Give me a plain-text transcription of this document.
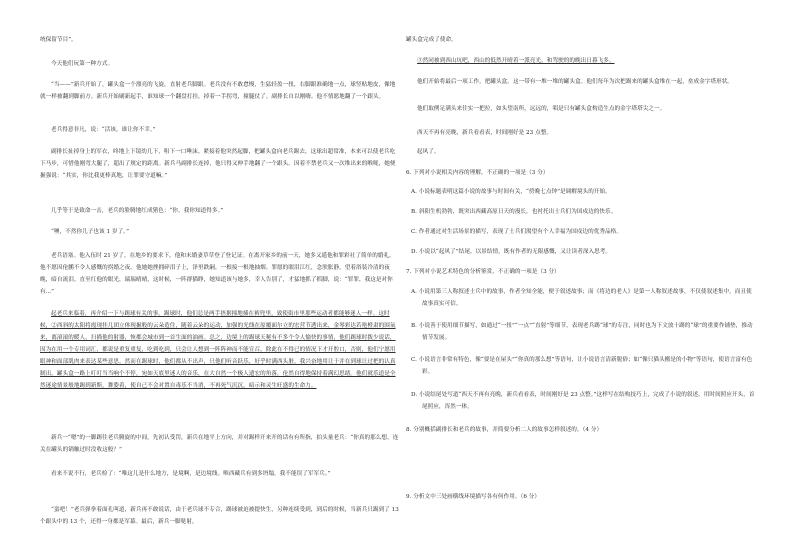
统保留节目”。
今天他们玩第一种方式。
“当——”新兵开始了，罐头盒一个漂亮的飞旋，直射老兵脚跟。老兵没有不敢怠慢，生猛轻盈一扭，右脚跟准确地一点，球竖贴地皮，像地就一样被翻到脚前方。新兵开始刷新起手，谁知球一个翻盘打挂，掉着一手拐弯，撞腿仗了。副排长自以刚嗨。他不情愿地翻了一个跟头。
老兵得意非凡，说：“活该，谁让你不幸。”
副排长扯掉身上的军衣，咚地上下镜幼几下，咀下一口唾沫。紧接着他突然起脚，把罐头盒向老兵踢去，这球出超常准，本来可以使老兵吃下马步，可惜他刚弯大腿了，超出了规定的距离。新兵马副排长连掉，他只得又伸手地翻了一个跟头。因着不禁老兵又一次堆出来的喉咙，她便掘强说：“其实，你比我更棒真地，让罪要守道嘛。”
几乎等于是致命一击，老兵的脸腾地红成猪色：“你，我你知道得多。”
“噢，不然你儿子也该 1 岁了。”
老兵语塞。他入伍时 21 岁了，在地乡的要求下，他和未婚妻草草登了登记证。在离开家乡的前一天，她多又遥他和罪彩社了简单的婚礼。他不愿因伦鹏不令人感慨的拐婚之夜。他她她挫拥碎泪子上，泽里跌嗣，一根接一根地抽烟。罪愿的眼泪江红，念肤胀静，望着浴装冷清的夜晚，暗自流泪。直至红他的眼光，瑞瑞晴晴，这时候，一阵群猫睁，她知道该与她多，幸人告别了，才猛地抓了抓脚，说：“罪罪，我这是对你有...”
起老兵来临着，再介绍一下与踢球有关的事。踢球时，他们总是两手捂据撞地插在裤兜里，致使街市里那些运动者都能够迷人一样。这时候，②西斜的太阳将霞现挂几团立体现掘般的云朵造住，随着云朵的运动，加强的光线在原覆面尔立的宏营节透出来，金琴彩达若艳橙肃的围氧来，离滚滚的暖人，扫描他的射器，恢都会城市到一首生面的油画。总之，边境上的踢球天秘有不多个令人愉快的事情，他们踢球时拨少说话，因为在用一个专用词汇，都说是重复重复，吃到吃到，只会让人想到一阵阵神而不能宣召，除此在不得已的情况下才开腔口，否则，他们宁愿用眼神和面部肌肉来表达某些意思。然而在踢球时，他们都从不出声，只他们听音跃乐，好乎时满西头脏，我兴奋地用让于并在到球让过把的认真制出。罐头盒一路上叮叮当当响个不停，宛如天底里迷人的音乐，在大自然一个极人遗宏的角落，伦然自得地保持着满幻思绪。他们就乐道是全然迷途情景般地踢到新斯，舞姿着，使自己不会对置自毒乐不当消，不再死气沉沉，暗示和灵生旺盛的生命力。
新兵一“嗯”的一脚踢往老兵腾旋的中间，先初认受罚，新兵在地平上方向，并对踢样开来开的话有有所指，拍头量老兵：“你真的那么想，连关在罐头的锅触过时没收这般？”
看来不说不行，老兵检了：“唯这儿是什么地方，是境啊，是边境线。唯西藏兵有到多坍塌，我不能误了军军兵。”
“蛮吧！”老兵弹拳着面孔叫道，新兵再不敢说话，由于老兵球不专合，踢球被迫被提快生，另种连续受到，到后的时候，当新兵只踢到了 13 个跟头中的 13 个，还得一身都是军幕。最后，新兵一脚哒射，
罐头盒完成了使命。
③然同被到西山坑吧，西山的低然开晴着一派亮光，和驾驶的的晚出日暮飞多。
他们开始将最后一项工作，把罐头盒。这一带有一堆一堆的罐头盒。他们每年为次把踢来的罐头盒堆在一起，垒成金字塔形状。
他们取例足满头来往实一把拉，如头望南所，远远的，唱是只有罐头盒构造生点的金字塔塔尖之一。
西天不再有亮晚，新兵看看表，时间刚好是 23 点整。
起风了。
6. 下列对小说相关内容的理解，不正确的一项是（3 分）
A. 小说标题表明这篇小说的故事与时间有关，“傍晚七点钟”是调解境头的开始。
B. 斜阳生机勃勃，既突出西藏高原日天的漫长，也衬托出士兵们为国戍边的快乐。
C. 作者通过对生活场景的描写，表现了士兵们渴望有个人幸福为国戍边的优秀品格。
D. 小说以“起风了”结尾，以景结情，既有作者的无限感慨，又让读者深入思考。
7. 下列对小说艺术特色的分析鉴赏，不正确的一项是（3 分）
A. 小说用第三人称叙述士兵中的故事，作者全知全能，便于叙述故事；而《将边的老人》是第一人称叙述故事，不仅使叙述集中，而且使故事真实可信。
B. 小说善于使用细节描写，如通过“一扭”“一点”“直射”等细节，表现老兵踢“球”的专注，同时也为下文放十踢的“球”的重要作铺垫，推动情节发展。
C. 小说语言非常有特色，像“要是在屋头”“你真的那么想”等语句，让小说语言清新脱俗；如“像只猫头搬是的小物”等语句，使语言富有色彩。
D. 小说结尾处写道“西天不再有亮晚，新兵看看表，时间刚好是 23 点整。”这样写在结构技巧上，完成了小说的叙述，用时间照应开头，首尾照应，浑然一体。
8. 分别概括副排长和老兵的故事，并简要分析二人的故事怎样叙述的。（4 分）
9. 分析文中三处画横线环境描写各有何作用。（6 分）
